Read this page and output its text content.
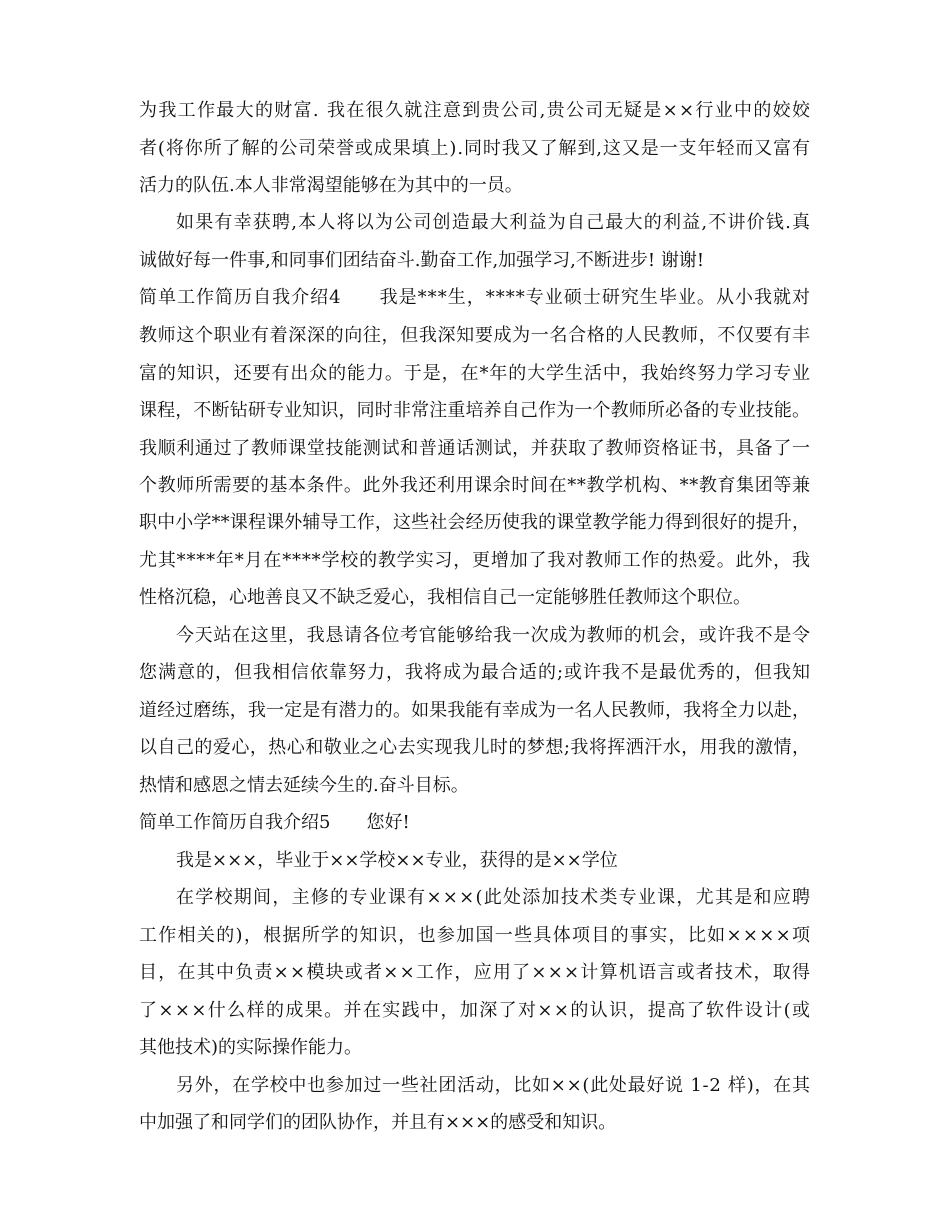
为我工作最大的财富. 我在很久就注意到贵公司,贵公司无疑是××行业中的姣姣
者(将你所了解的公司荣誉或成果填上).同时我又了解到,这又是一支年轻而又富有
活力的队伍.本人非常渴望能够在为其中的一员。
如果有幸获聘,本人将以为公司创造最大利益为自己最大的利益,不讲价钱.真
诚做好每一件事,和同事们团结奋斗.勤奋工作,加强学习,不断进步! 谢谢!
简单工作简历自我介绍4　　我是***生，****专业硕士研究生毕业。从小我就对
教师这个职业有着深深的向往，但我深知要成为一名合格的人民教师，不仅要有丰
富的知识，还要有出众的能力。于是，在*年的大学生活中，我始终努力学习专业
课程，不断钻研专业知识，同时非常注重培养自己作为一个教师所必备的专业技能。
我顺利通过了教师课堂技能测试和普通话测试，并获取了教师资格证书，具备了一
个教师所需要的基本条件。此外我还利用课余时间在**教学机构、**教育集团等兼
职中小学**课程课外辅导工作，这些社会经历使我的课堂教学能力得到很好的提升，
尤其****年*月在****学校的教学实习，更增加了我对教师工作的热爱。此外，我
性格沉稳，心地善良又不缺乏爱心，我相信自己一定能够胜任教师这个职位。
今天站在这里，我恳请各位考官能够给我一次成为教师的机会，或许我不是令
您满意的，但我相信依靠努力，我将成为最合适的;或许我不是最优秀的，但我知
道经过磨练，我一定是有潜力的。如果我能有幸成为一名人民教师，我将全力以赴，
以自己的爱心，热心和敬业之心去实现我儿时的梦想;我将挥洒汗水，用我的激情，
热情和感恩之情去延续今生的.奋斗目标。
简单工作简历自我介绍5　　您好!
我是×××，毕业于××学校××专业，获得的是××学位
在学校期间，主修的专业课有×××(此处添加技术类专业课，尤其是和应聘
工作相关的)，根据所学的知识，也参加国一些具体项目的事实，比如××××项
目，在其中负责××模块或者××工作，应用了×××计算机语言或者技术，取得
了×××什么样的成果。并在实践中，加深了对××的认识，提高了软件设计(或
其他技术)的实际操作能力。
另外，在学校中也参加过一些社团活动，比如××(此处最好说 1-2 样)，在其
中加强了和同学们的团队协作，并且有×××的感受和知识。
